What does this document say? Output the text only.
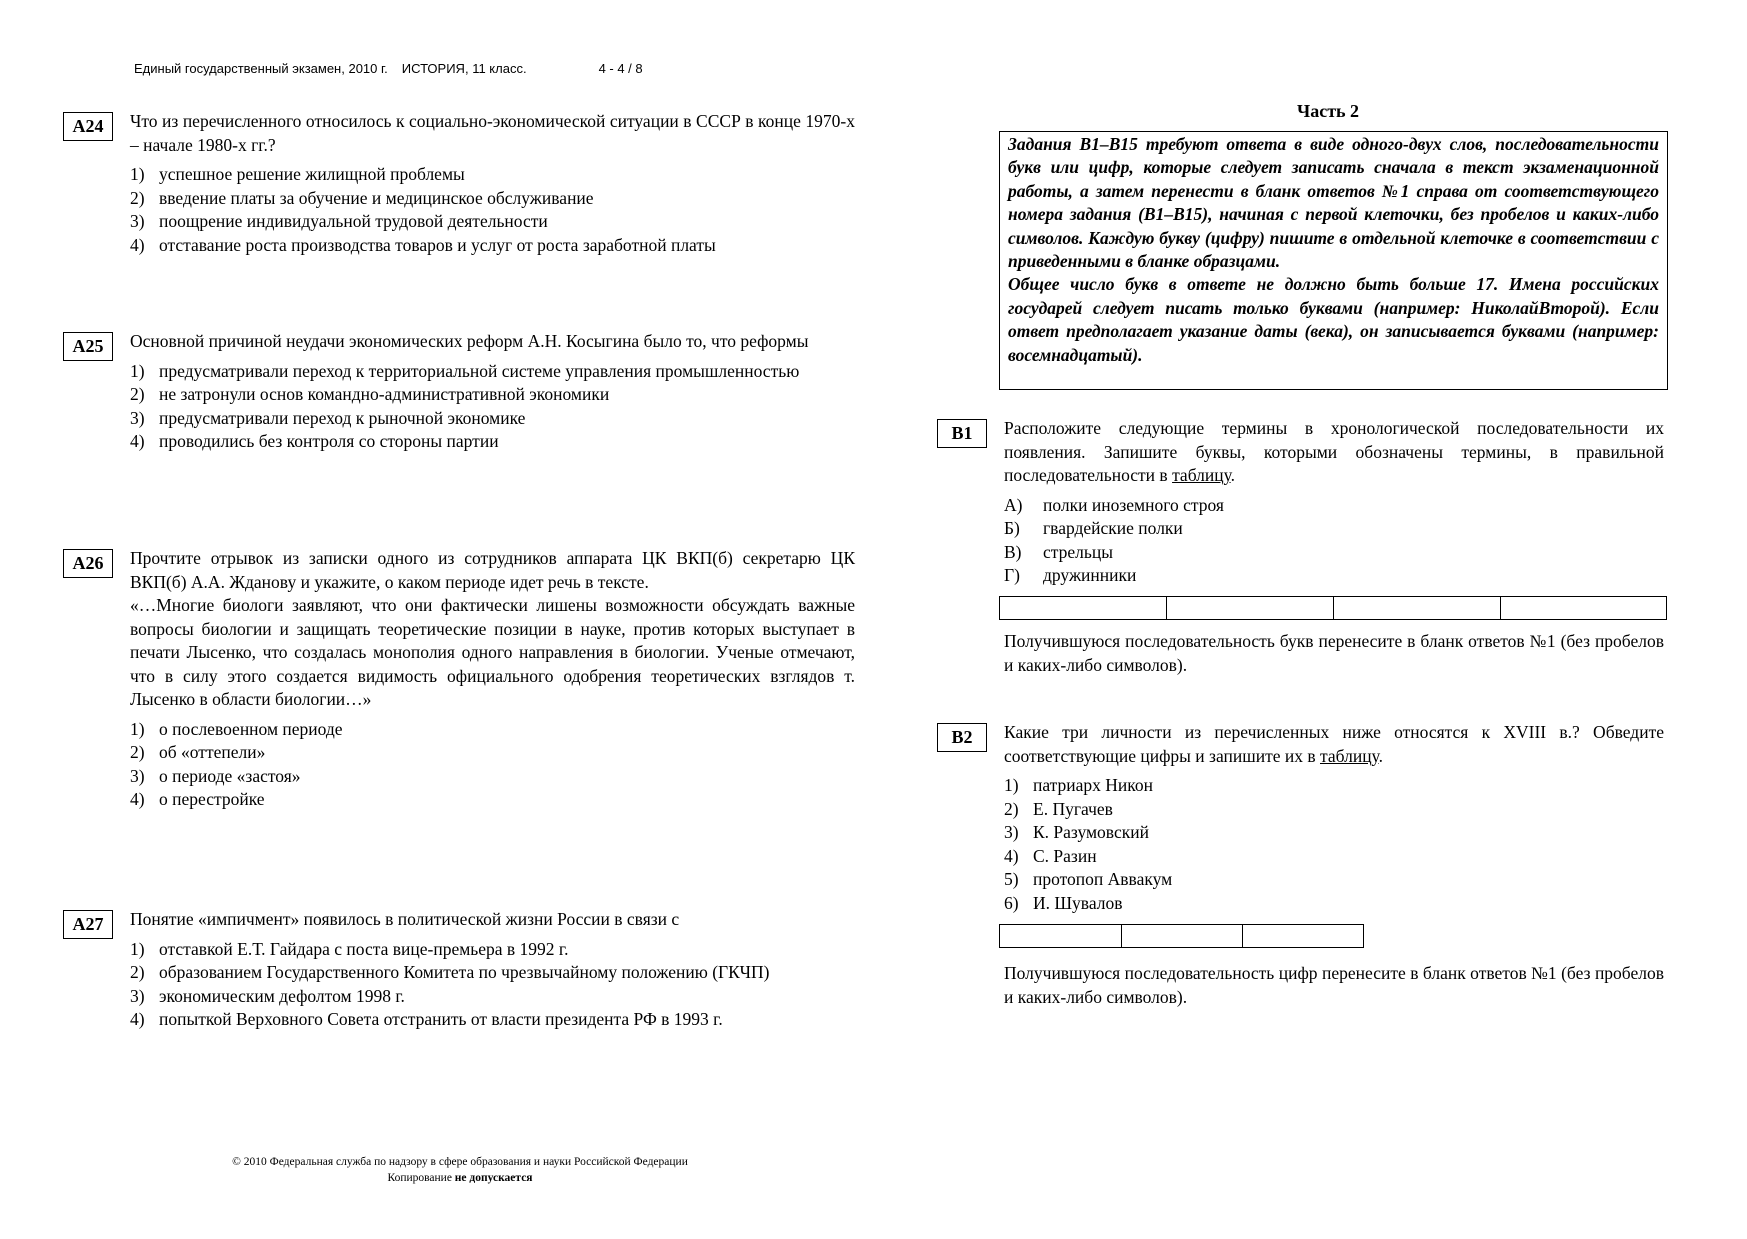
Единый государственный экзамен, 2010 г. ИСТОРИЯ, 11 класс.	4 - 4 / 8
А24	Что из перечисленного относилось к социально-экономической ситуации в СССР в конце 1970-х – начале 1980-х гг.?
1) успешное решение жилищной проблемы
2) введение платы за обучение и медицинское обслуживание
3) поощрение индивидуальной трудовой деятельности
4) отставание роста производства товаров и услуг от роста заработной платы
А25	Основной причиной неудачи экономических реформ А.Н. Косыгина было то, что реформы
1) предусматривали переход к территориальной системе управления промышленностью
2) не затронули основ командно-административной экономики
3) предусматривали переход к рыночной экономике
4) проводились без контроля со стороны партии
А26	Прочтите отрывок из записки одного из сотрудников аппарата ЦК ВКП(б) секретарю ЦК ВКП(б) А.А. Жданову и укажите, о каком периоде идет речь в тексте.
«…Многие биологи заявляют, что они фактически лишены возможности обсуждать важные вопросы биологии и защищать теоретические позиции в науке, против которых выступает в печати Лысенко, что создалась монополия одного направления в биологии. Ученые отмечают, что в силу этого создается видимость официального одобрения теоретических взглядов т. Лысенко в области биологии…»
1) о послевоенном периоде
2) об «оттепели»
3) о периоде «застоя»
4) о перестройке
А27	Понятие «импичмент» появилось в политической жизни России в связи с
1) отставкой Е.Т. Гайдара с поста вице-премьера в 1992 г.
2) образованием Государственного Комитета по чрезвычайному положению (ГКЧП)
3) экономическим дефолтом 1998 г.
4) попыткой Верховного Совета отстранить от власти президента РФ в 1993 г.
Часть 2

Задания В1–В15 требуют ответа в виде одного-двух слов, последовательности букв или цифр, которые следует записать сначала в текст экзаменационной работы, а затем перенести в бланк ответов №1 справа от соответствующего номера задания (В1–В15), начиная с первой клеточки, без пробелов и каких-либо символов. Каждую букву (цифру) пишите в отдельной клеточке в соответствии с приведенными в бланке образцами.

Общее число букв в ответе не должно быть больше 17. Имена российских государей следует писать только буквами (например: НиколайВторой). Если ответ предполагает указание даты (века), он записывается буквами (например: восемнадцатый).

В1	Расположите следующие термины в хронологической последовательности их появления. Запишите буквы, которыми обозначены термины, в правильной последовательности в таблицу.
А)	полки иноземного строя
Б)	гвардейские полки
В)	стрельцы
Г)	дружинники
Получившуюся последовательность букв перенесите в бланк ответов №1 (без пробелов и каких-либо символов).
В2	Какие три личности из перечисленных ниже относятся к XVIII в.? Обведите соответствующие цифры и запишите их в таблицу.
1) патриарх Никон
2) Е. Пугачев
3) К. Разумовский
4) С. Разин
5) протопоп Аввакум
6) И. Шувалов
Получившуюся последовательность цифр перенесите в бланк ответов №1 (без пробелов и каких-либо символов).
© 2010 Федеральная служба по надзору в сфере образования и науки Российской Федерации
Копирование не допускается
